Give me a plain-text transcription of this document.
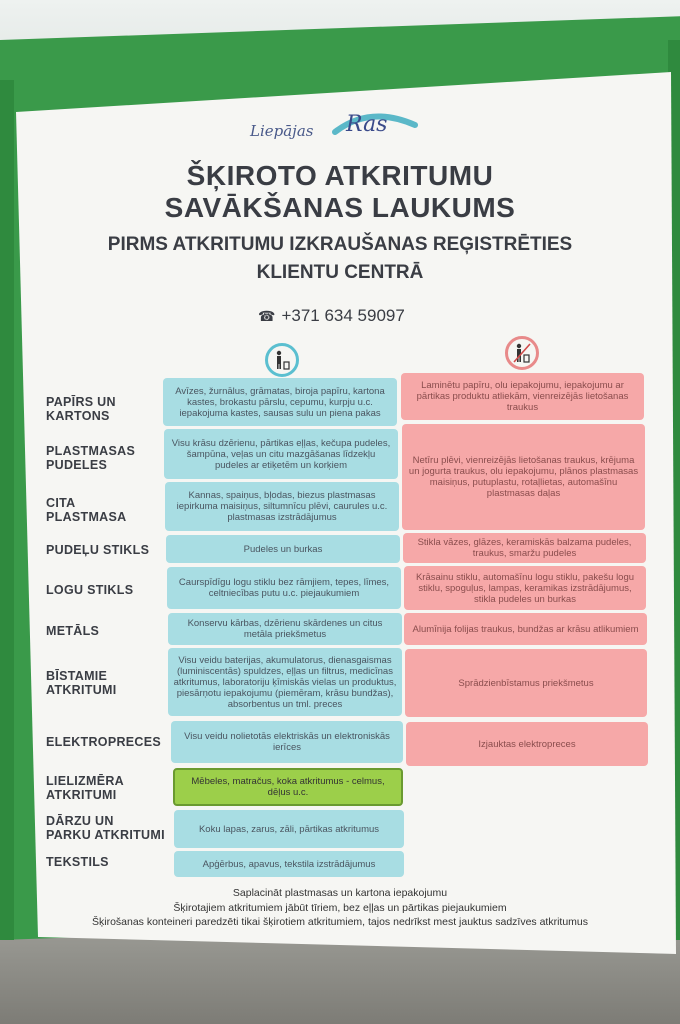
Liepājas Ras
ŠĶIROTO ATKRITUMU
SAVĀKŠANAS LAUKUMS
PIRMS ATKRITUMU IZKRAUŠANAS REĢISTRĒTIES
KLIENTU CENTRĀ
☎ +371 634 59097
PAPĪRS UN
KARTONS
PLASTMASAS
PUDELES
CITA
PLASTMASA
PUDEĻU STIKLS
LOGU STIKLS
METĀLS
BĪSTAMIE
ATKRITUMI
ELEKTROPRECES
LIELIZMĒRA
ATKRITUMI
DĀRZU UN
PARKU ATKRITUMI
TEKSTILS
Avīzes, žurnālus, grāmatas, biroja papīru, kartona kastes, brokastu pārslu, cepumu, kurpju u.c. iepakojuma kastes, sausas sulu un piena pakas
Visu krāsu dzērienu, pārtikas eļļas, kečupa pudeles, šampūna, veļas un citu mazgāšanas līdzekļu pudeles ar etiķetēm un korķiem
Kannas, spaiņus, bļodas, biezus plastmasas iepirkuma maisiņus, siltumnīcu plēvi, caurules u.c. plastmasas izstrādājumus
Pudeles un burkas
Caurspīdīgu logu stiklu bez rāmjiem, tepes, līmes, celtniecības putu u.c. piejaukumiem
Konservu kārbas, dzērienu skārdenes un citus metāla priekšmetus
Visu veidu baterijas, akumulatorus, dienasgaismas (luminiscentās) spuldzes, eļļas un filtrus, medicīnas atkritumus, laboratoriju ķīmiskās vielas un produktus, piesārņotu iepakojumu (piemēram, krāsu bundžas), absorbentus un tml. preces
Visu veidu nolietotās elektriskās un elektroniskās ierīces
Mēbeles, matračus, koka atkritumus - celmus, dēļus u.c.
Koku lapas, zarus, zāli, pārtikas atkritumus
Apģērbus, apavus, tekstila izstrādājumus
Laminētu papīru, olu iepakojumu, iepakojumu ar pārtikas produktu atliekām, vienreizējās lietošanas traukus
Netīru plēvi, vienreizējās lietošanas traukus, krējuma un jogurta traukus, olu iepakojumu, plānos plastmasas maisiņus, putuplastu, rotaļlietas, automašīnu plastmasas daļas
Stikla vāzes, glāzes, keramiskās balzama pudeles, traukus, smaržu pudeles
Krāsainu stiklu, automašīnu logu stiklu, pakešu logu stiklu, spoguļus, lampas, keramikas izstrādājumus, stikla pudeles un burkas
Alumīnija folijas traukus, bundžas ar krāsu atlikumiem
Sprādzienbīstamus priekšmetus
Izjauktas elektropreces
Saplacināt plastmasas un kartona iepakojumu
Šķirotajiem atkritumiem jābūt tīriem, bez eļļas un pārtikas piejaukumiem
Šķirošanas konteineri paredzēti tikai šķirotiem atkritumiem, tajos nedrīkst mest jauktus sadzīves atkritumus
